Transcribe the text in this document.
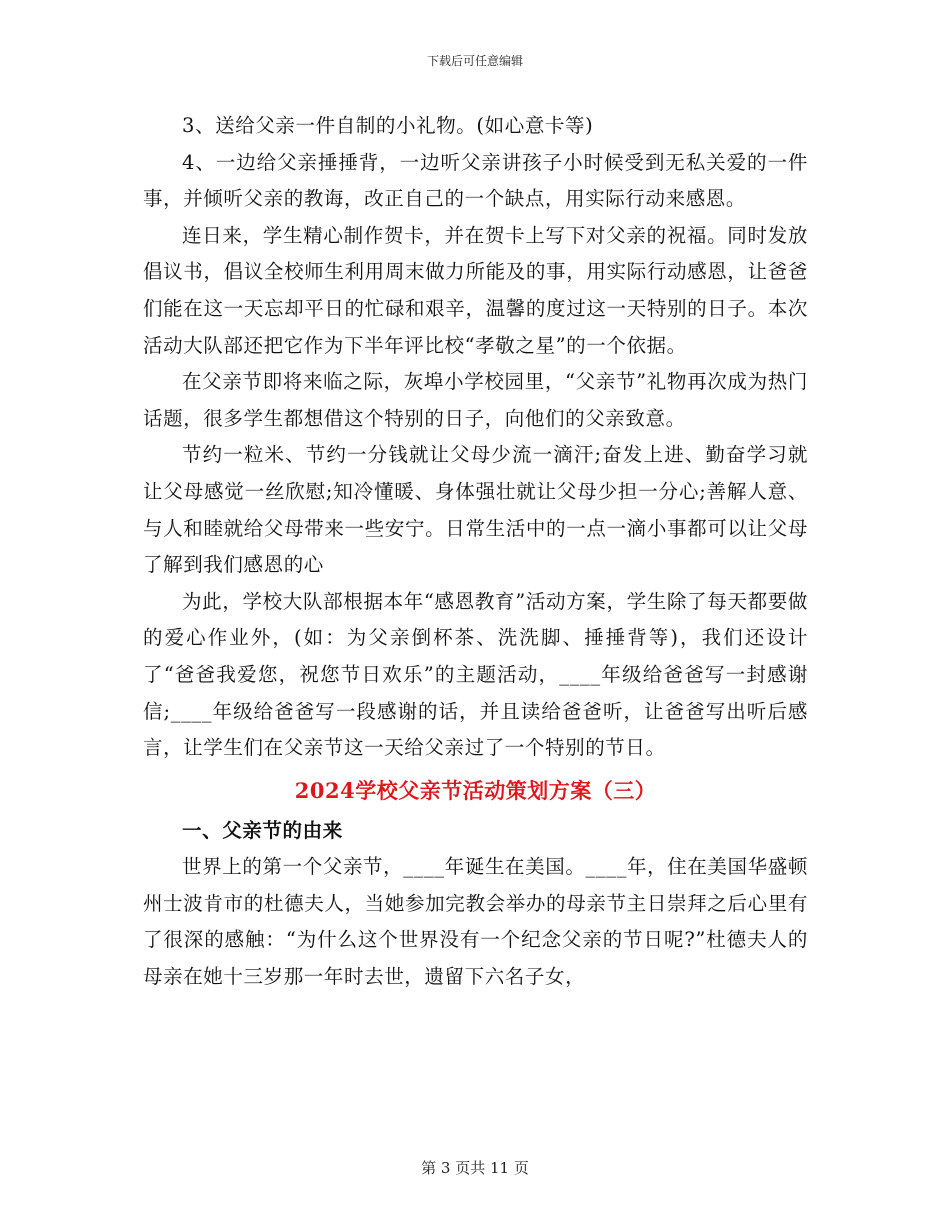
下载后可任意编辑

3、送给父亲一件自制的小礼物。(如心意卡等)

4、一边给父亲捶捶背，一边听父亲讲孩子小时候受到无私关爱的一件事，并倾听父亲的教诲，改正自己的一个缺点，用实际行动来感恩。

连日来，学生精心制作贺卡，并在贺卡上写下对父亲的祝福。同时发放倡议书，倡议全校师生利用周末做力所能及的事，用实际行动感恩，让爸爸们能在这一天忘却平日的忙碌和艰辛，温馨的度过这一天特别的日子。本次活动大队部还把它作为下半年评比校“孝敬之星”的一个依据。

在父亲节即将来临之际，灰埠小学校园里，“父亲节”礼物再次成为热门话题，很多学生都想借这个特别的日子，向他们的父亲致意。

节约一粒米、节约一分钱就让父母少流一滴汗;奋发上进、勤奋学习就让父母感觉一丝欣慰;知冷懂暖、身体强壮就让父母少担一分心;善解人意、与人和睦就给父母带来一些安宁。日常生活中的一点一滴小事都可以让父母了解到我们感恩的心

为此，学校大队部根据本年“感恩教育”活动方案，学生除了每天都要做的爱心作业外，(如：为父亲倒杯茶、洗洗脚、捶捶背等)，我们还设计了“爸爸我爱您，祝您节日欢乐”的主题活动，____年级给爸爸写一封感谢信;____年级给爸爸写一段感谢的话，并且读给爸爸听，让爸爸写出听后感言，让学生们在父亲节这一天给父亲过了一个特别的节日。

2024学校父亲节活动策划方案（三）

一、父亲节的由来

世界上的第一个父亲节，____年诞生在美国。____年，住在美国华盛顿州士波肯市的杜德夫人，当她参加完教会举办的母亲节主日崇拜之后心里有了很深的感触：“为什么这个世界没有一个纪念父亲的节日呢?”杜德夫人的母亲在她十三岁那一年时去世，遗留下六名子女，

第 3 页共 11 页
